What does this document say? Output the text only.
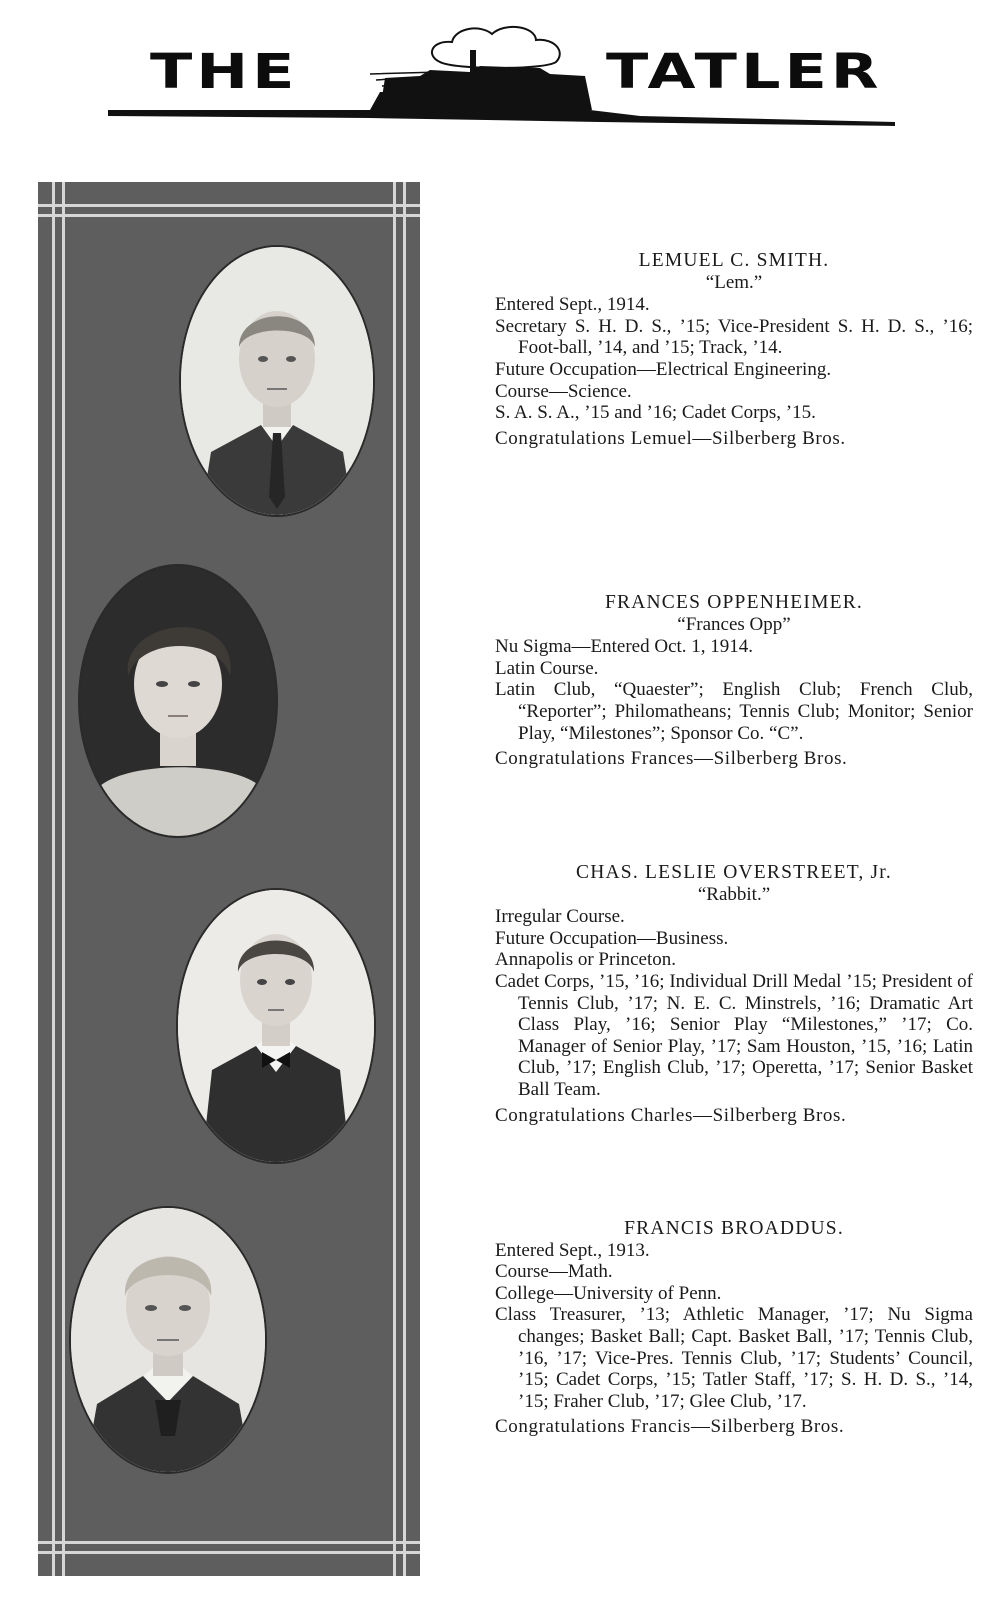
THE	TATLER
LEMUEL C. SMITH.
“Lem.”
Entered Sept., 1914.
Secretary S. H. D. S., ’15; Vice-President S. H. D. S., ’16; Foot-ball, ’14, and ’15; Track, ’14.
Future Occupation—Electrical Engineering.
Course—Science.
S. A. S. A., ’15 and ’16; Cadet Corps, ’15.
Congratulations Lemuel—Silberberg Bros.
FRANCES OPPENHEIMER.
“Frances Opp”
Nu Sigma—Entered Oct. 1, 1914.
Latin Course.
Latin Club, “Quaester”; English Club; French Club, “Reporter”; Philomatheans; Tennis Club; Monitor; Senior Play, “Milestones”; Sponsor Co. “C”.
Congratulations Frances—Silberberg Bros.
CHAS. LESLIE OVERSTREET, Jr.
“Rabbit.”
Irregular Course.
Future Occupation—Business.
Annapolis or Princeton.
Cadet Corps, ’15, ’16; Individual Drill Medal ’15; President of Tennis Club, ’17; N. E. C. Minstrels, ’16; Dramatic Art Class Play, ’16; Senior Play “Milestones,” ’17; Co. Manager of Senior Play, ’17; Sam Houston, ’15, ’16; Latin Club, ’17; English Club, ’17; Operetta, ’17; Senior Basket Ball Team.
Congratulations Charles—Silberberg Bros.
FRANCIS BROADDUS.
Entered Sept., 1913.
Course—Math.
College—University of Penn.
Class Treasurer, ’13; Athletic Manager, ’17; Nu Sigma changes; Basket Ball; Capt. Basket Ball, ’17; Tennis Club, ’16, ’17; Vice-Pres. Tennis Club, ’17; Students’ Council, ’15; Cadet Corps, ’15; Tatler Staff, ’17; S. H. D. S., ’14, ’15; Fraher Club, ’17; Glee Club, ’17.
Congratulations Francis—Silberberg Bros.
